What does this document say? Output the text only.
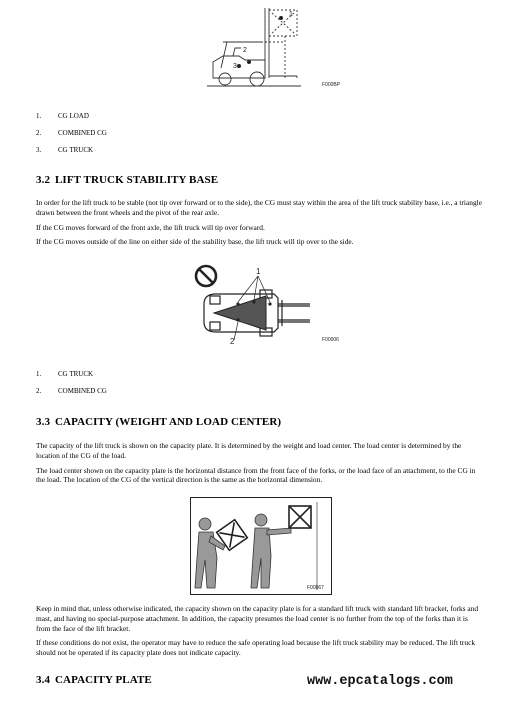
1
2
3
F000BP
1.	CG LOAD
2.	COMBINED CG
3.	CG TRUCK
3.2 LIFT TRUCK STABILITY BASE

In order for the lift truck to be stable (not tip over forward or to the side), the CG must stay within the area of the lift truck stability base, i.e., a triangle drawn between the front wheels and the pivot of the rear axle.

If the CG moves forward of the front axle, the lift truck will tip over forward.

If the CG moves outside of the line on either side of the stability base, the lift truck will tip over to the side.

1
2	F00006
1.	CG TRUCK
2.	COMBINED CG
3.3 CAPACITY (WEIGHT AND LOAD CENTER)

The capacity of the lift truck is shown on the capacity plate. It is determined by the weight and load center. The load center is determined by the location of the CG of the load.

The load center shown on the capacity plate is the horizontal distance from the front face of the forks, or the load face of an attachment, to the CG in the load. The location of the CG of the vertical direction is the same as the horizontal dimension.

F00067

Keep in mind that, unless otherwise indicated, the capacity shown on the capacity plate is for a standard lift truck with standard lift bracket, forks and mast, and having no special-purpose attachment. In addition, the capacity presumes the load center is no further from the top of the forks than it is from the face of the lift bracket.

If these conditions do not exist, the operator may have to reduce the safe operating load because the lift truck stability may be reduced. The lift truck should not be operated if its capacity plate does not indicate capacity.

3.4 CAPACITY PLATE	www.epcatalogs.com
